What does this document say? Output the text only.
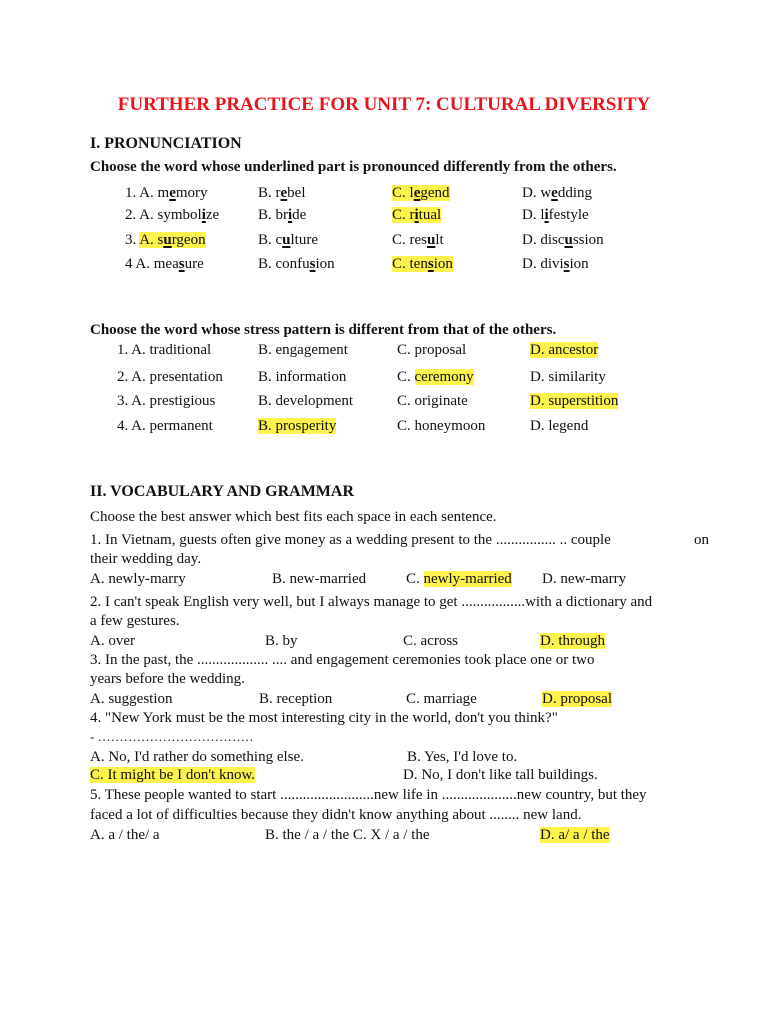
FURTHER PRACTICE FOR UNIT 7: CULTURAL DIVERSITY
I. PRONUNCIATION
Choose the word whose underlined part is pronounced differently from the others.
1. A. memory	B. rebel	C. legend	D. wedding
2. A. symbolize	B. bride	C. ritual	D. lifestyle
3. A. surgeon	B. culture	C. result	D. discussion
4 A. measure	B. confusion	C. tension	D. division
Choose the word whose stress pattern is different from that of the others.
1. A. traditional	B. engagement	C. proposal	D. ancestor
2. A. presentation B. information	C. ceremony	D. similarity
3. A. prestigious	B. development	C. originate	D. superstition
4. A. permanent	B. prosperity	C. honeymoon	D. legend
II. VOCABULARY AND GRAMMAR
Choose the best answer which best fits each space in each sentence.
1. In Vietnam, guests often give money as a wedding present to the ................ .. couple	on
their wedding day.
A. newly-marry	B. new-married	C. newly-married D. new-marry
2. I can't speak English very well, but I always manage to get .................with a dictionary and
a few gestures.
A. over	B. by	C. across	D. through
3. In the past, the ................... .... and engagement ceremonies took place one or two
years before the wedding.
A. suggestion	B. reception	C. marriage	D. proposal
4. "New York must be the most interesting city in the world, don't you think?"
- ………………………………
A. No, I'd rather do something else.	B. Yes, I'd love to.
C. It might be I don't know.	D. No, I don't like tall buildings.
5. These people wanted to start .........................new life in ....................new country, but they
faced a lot of difficulties because they didn't know anything about ........ new land.
A. a / the/ a	B. the / a / the C. X / a / the	D. a/ a / the
